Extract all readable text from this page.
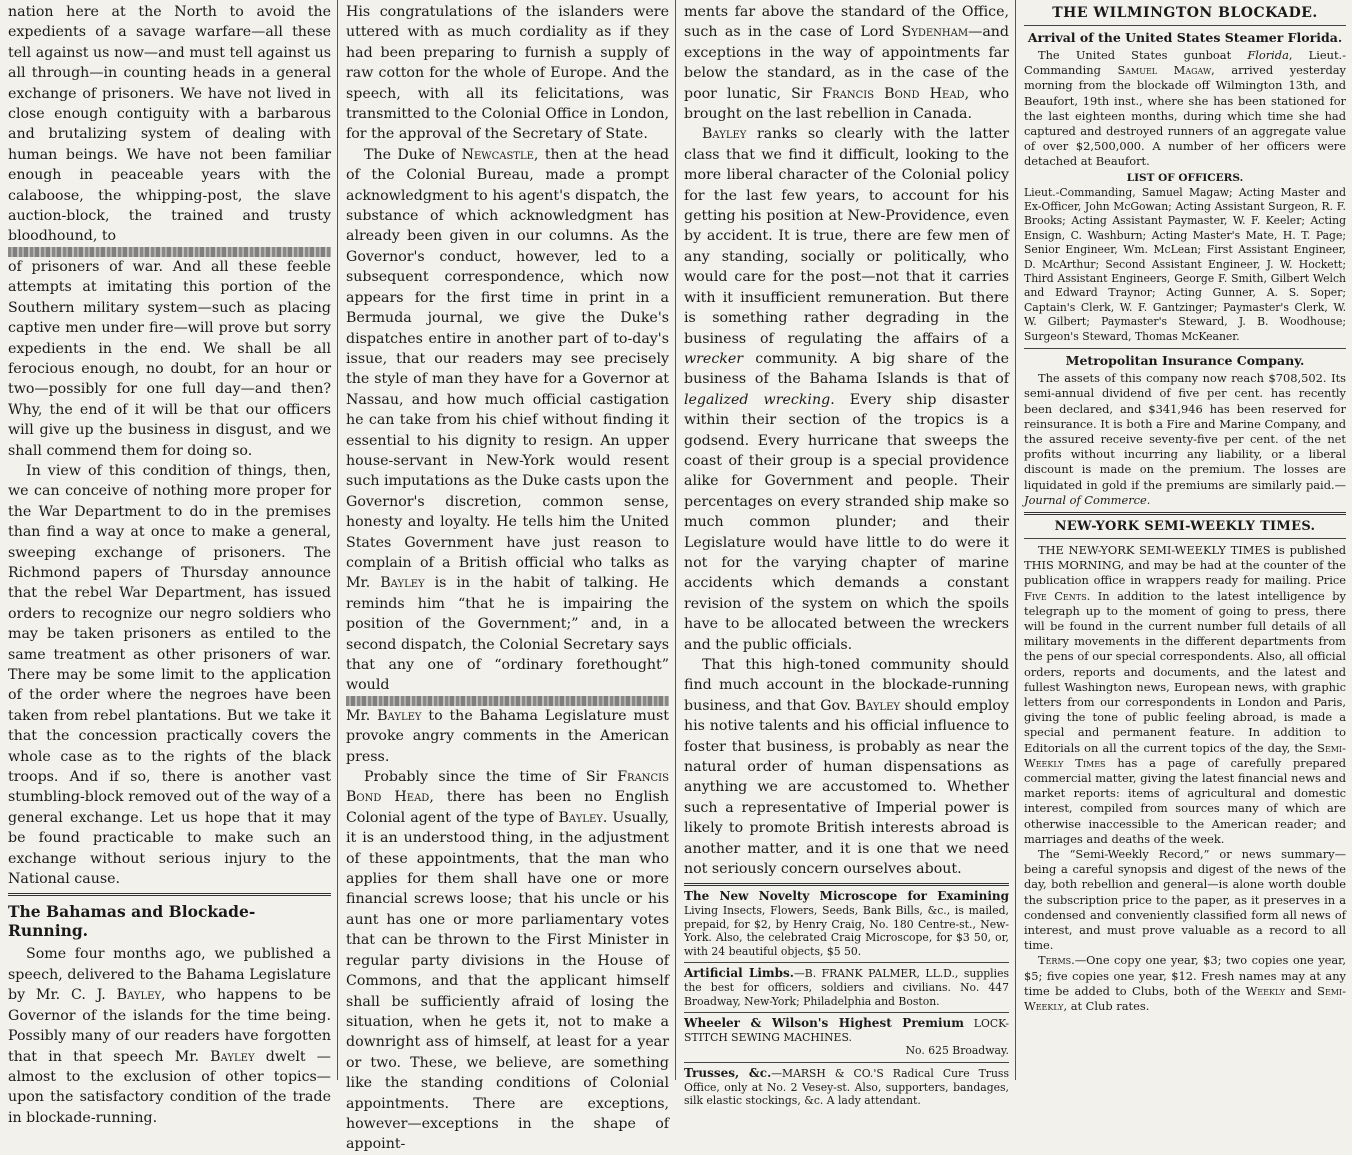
nation here at the North to avoid the expedients of a savage warfare—all these tell against us now—and must tell against us all through—in counting heads in a general exchange of prisoners. We have not lived in close enough contiguity with a barbarous and brutalizing system of dealing with human beings. We have not been familiar enough in peaceable years with the calaboose, the whipping-post, the slave auction-block, the trained and trusty bloodhound, to

of prisoners of war. And all these feeble attempts at imitating this portion of the Southern military system—such as placing captive men under fire—will prove but sorry expedients in the end. We shall be all ferocious enough, no doubt, for an hour or two—possibly for one full day—and then? Why, the end of it will be that our officers will give up the business in disgust, and we shall commend them for doing so.

In view of this condition of things, then, we can conceive of nothing more proper for the War Department to do in the premises than find a way at once to make a general, sweeping exchange of prisoners. The Richmond papers of Thursday announce that the rebel War Department, has issued orders to recognize our negro soldiers who may be taken prisoners as entiled to the same treatment as other prisoners of war. There may be some limit to the application of the order where the negroes have been taken from rebel plantations. But we take it that the concession practically covers the whole case as to the rights of the black troops. And if so, there is another vast stumbling-block removed out of the way of a general exchange. Let us hope that it may be found practicable to make such an exchange without serious injury to the National cause.

The Bahamas and Blockade-Running.

Some four months ago, we published a speech, delivered to the Bahama Legislature by Mr. C. J. Bayley, who happens to be Governor of the islands for the time being. Possibly many of our readers have forgotten that in that speech Mr. Bayley dwelt — almost to the exclusion of other topics—upon the satisfactory condition of the trade in blockade-running.

His congratulations of the islanders were uttered with as much cordiality as if they had been preparing to furnish a supply of raw cotton for the whole of Europe. And the speech, with all its felicitations, was transmitted to the Colonial Office in London, for the approval of the Secretary of State.

The Duke of Newcastle, then at the head of the Colonial Bureau, made a prompt acknowledgment to his agent's dispatch, the substance of which acknowledgment has already been given in our columns. As the Governor's conduct, however, led to a subsequent correspondence, which now appears for the first time in print in a Bermuda journal, we give the Duke's dispatches entire in another part of to-day's issue, that our readers may see precisely the style of man they have for a Governor at Nassau, and how much official castigation he can take from his chief without finding it essential to his dignity to resign. An upper house-servant in New-York would resent such imputations as the Duke casts upon the Governor's discretion, common sense, honesty and loyalty. He tells him the United States Government have just reason to complain of a British official who talks as Mr. Bayley is in the habit of talking. He reminds him “that he is impairing the position of the Government;” and, in a second dispatch, the Colonial Secretary says that any one of “ordinary forethought” would

Mr. Bayley to the Bahama Legislature must provoke angry comments in the American press.

Probably since the time of Sir Francis Bond Head, there has been no English Colonial agent of the type of Bayley. Usually, it is an understood thing, in the adjustment of these appointments, that the man who applies for them shall have one or more financial screws loose; that his uncle or his aunt has one or more parliamentary votes that can be thrown to the First Minister in regular party divisions in the House of Commons, and that the applicant himself shall be sufficiently afraid of losing the situation, when he gets it, not to make a downright ass of himself, at least for a year or two. These, we believe, are something like the standing conditions of Colonial appointments. There are exceptions, however—exceptions in the shape of appoint-

ments far above the standard of the Office, such as in the case of Lord Sydenham—and exceptions in the way of appointments far below the standard, as in the case of the poor lunatic, Sir Francis Bond Head, who brought on the last rebellion in Canada.

Bayley ranks so clearly with the latter class that we find it difficult, looking to the more liberal character of the Colonial policy for the last few years, to account for his getting his position at New-Providence, even by accident. It is true, there are few men of any standing, socially or politically, who would care for the post—not that it carries with it insufficient remuneration. But there is something rather degrading in the business of regulating the affairs of a wrecker community. A big share of the business of the Bahama Islands is that of legalized wrecking. Every ship disaster within their section of the tropics is a godsend. Every hurricane that sweeps the coast of their group is a special providence alike for Government and people. Their percentages on every stranded ship make so much common plunder; and their Legislature would have little to do were it not for the varying chapter of marine accidents which demands a constant revision of the system on which the spoils have to be allocated between the wreckers and the public officials.

That this high-toned community should find much account in the blockade-running business, and that Gov. Bayley should employ his notive talents and his official influence to foster that business, is probably as near the natural order of human dispensations as anything we are accustomed to. Whether such a representative of Imperial power is likely to promote British interests abroad is another matter, and it is one that we need not seriously concern ourselves about.

The New Novelty Microscope for Examining Living Insects, Flowers, Seeds, Bank Bills, &c., is mailed, prepaid, for $2, by Henry Craig, No. 180 Centre-st., New-York. Also, the celebrated Craig Microscope, for $3 50, or, with 24 beautiful objects, $5 50.

Artificial Limbs.—B. FRANK PALMER, LL.D., supplies the best for officers, soldiers and civilians. No. 447 Broadway, New-York; Philadelphia and Boston.

Wheeler & Wilson's Highest Premium LOCK-STITCH SEWING MACHINES.

No. 625 Broadway.

Trusses, &c.—MARSH & CO.'S Radical Cure Truss Office, only at No. 2 Vesey-st. Also, supporters, bandages, silk elastic stockings, &c. A lady attendant.

THE WILMINGTON BLOCKADE.
Arrival of the United States Steamer Florida.

The United States gunboat Florida, Lieut.-Commanding Samuel Magaw, arrived yesterday morning from the blockade off Wilmington 13th, and Beaufort, 19th inst., where she has been stationed for the last eighteen months, during which time she had captured and destroyed runners of an aggregate value of over $2,500,000. A number of her officers were detached at Beaufort.

LIST OF OFFICERS.

Lieut.-Commanding, Samuel Magaw; Acting Master and Ex-Officer, John McGowan; Acting Assistant Surgeon, R. F. Brooks; Acting Assistant Paymaster, W. F. Keeler; Acting Ensign, C. Washburn; Acting Master's Mate, H. T. Page; Senior Engineer, Wm. McLean; First Assistant Engineer, D. McArthur; Second Assistant Engineer, J. W. Hockett; Third Assistant Engineers, George F. Smith, Gilbert Welch and Edward Traynor; Acting Gunner, A. S. Soper; Captain's Clerk, W. F. Gantzinger; Paymaster's Clerk, W. W. Gilbert; Paymaster's Steward, J. B. Woodhouse; Surgeon's Steward, Thomas McKeaner.

Metropolitan Insurance Company.

The assets of this company now reach $708,502. Its semi-annual dividend of five per cent. has recently been declared, and $341,946 has been reserved for reinsurance. It is both a Fire and Marine Company, and the assured receive seventy-five per cent. of the net profits without incurring any liability, or a liberal discount is made on the premium. The losses are liquidated in gold if the premiums are similarly paid.—Journal of Commerce.

NEW-YORK SEMI-WEEKLY TIMES.

THE NEW-YORK SEMI-WEEKLY TIMES is published THIS MORNING, and may be had at the counter of the publication office in wrappers ready for mailing. Price Five Cents. In addition to the latest intelligence by telegraph up to the moment of going to press, there will be found in the current number full details of all military movements in the different departments from the pens of our special correspondents. Also, all official orders, reports and documents, and the latest and fullest Washington news, European news, with graphic letters from our correspondents in London and Paris, giving the tone of public feeling abroad, is made a special and permanent feature. In addition to Editorials on all the current topics of the day, the Semi-Weekly Times has a page of carefully prepared commercial matter, giving the latest financial news and market reports: items of agricultural and domestic interest, compiled from sources many of which are otherwise inaccessible to the American reader; and marriages and deaths of the week.

The “Semi-Weekly Record,” or news summary—being a careful synopsis and digest of the news of the day, both rebellion and general—is alone worth double the subscription price to the paper, as it preserves in a condensed and conveniently classified form all news of interest, and must prove valuable as a record to all time.

Terms.—One copy one year, $3; two copies one year, $5; five copies one year, $12. Fresh names may at any time be added to Clubs, both of the Weekly and Semi-Weekly, at Club rates.
